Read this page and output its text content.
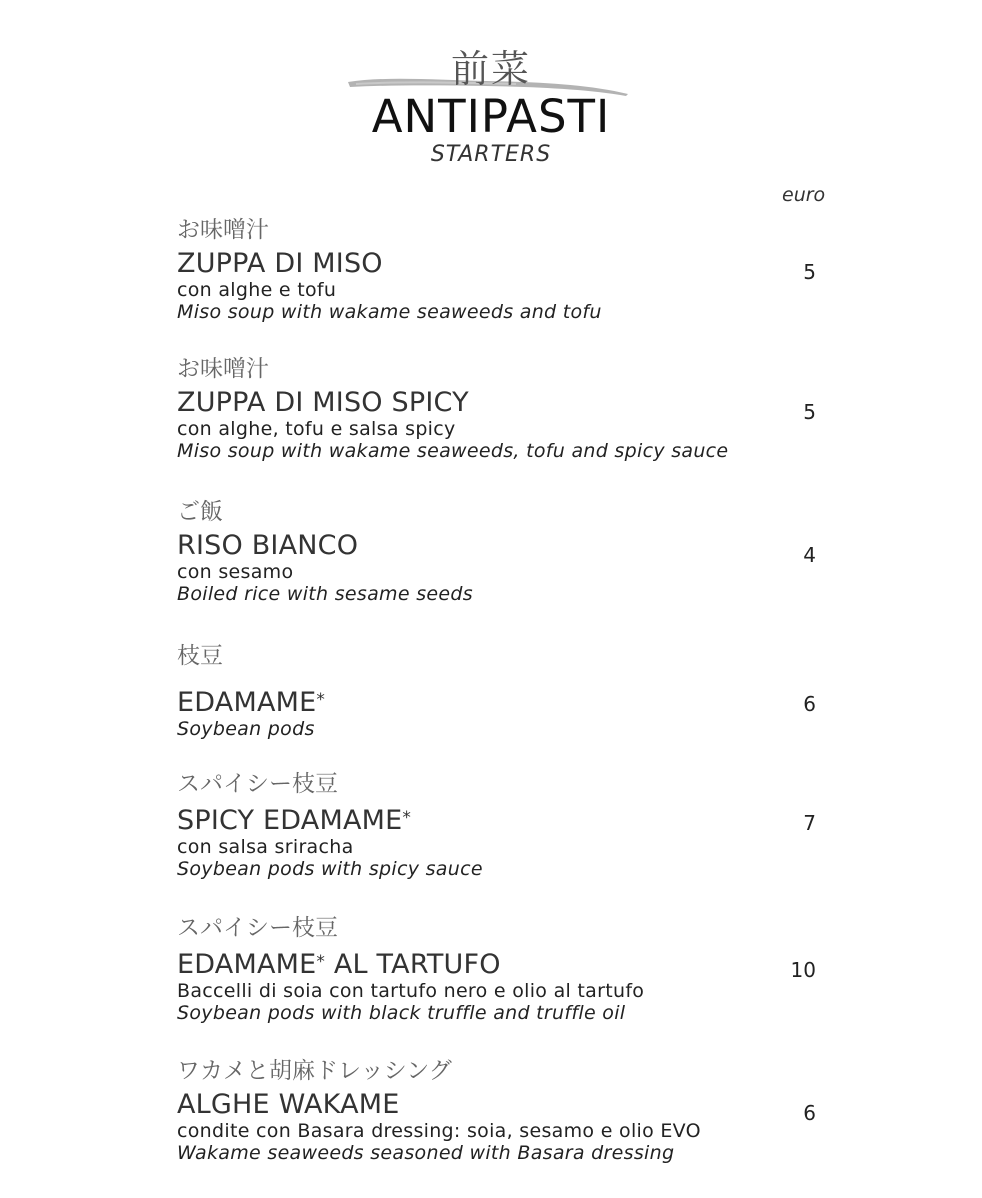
前菜
ANTIPASTI
STARTERS
euro
お味噌汁
ZUPPA DI MISO
con alghe e tofu
Miso soup with wakame seaweeds and tofu
5
お味噌汁
ZUPPA DI MISO SPICY
con alghe, tofu e salsa spicy
Miso soup with wakame seaweeds, tofu and spicy sauce
5
ご飯
RISO BIANCO
con sesamo
Boiled rice with sesame seeds
4
枝豆
EDAMAME*
Soybean pods
6
スパイシー枝豆
SPICY EDAMAME*
con salsa sriracha
Soybean pods with spicy sauce
7
スパイシー枝豆
EDAMAME* AL TARTUFO
Baccelli di soia con tartufo nero e olio al tartufo
Soybean pods with black truffle and truffle oil
10
ワカメと胡麻ドレッシング
ALGHE WAKAME
condite con Basara dressing: soia, sesamo e olio EVO
Wakame seaweeds seasoned with Basara dressing
6
